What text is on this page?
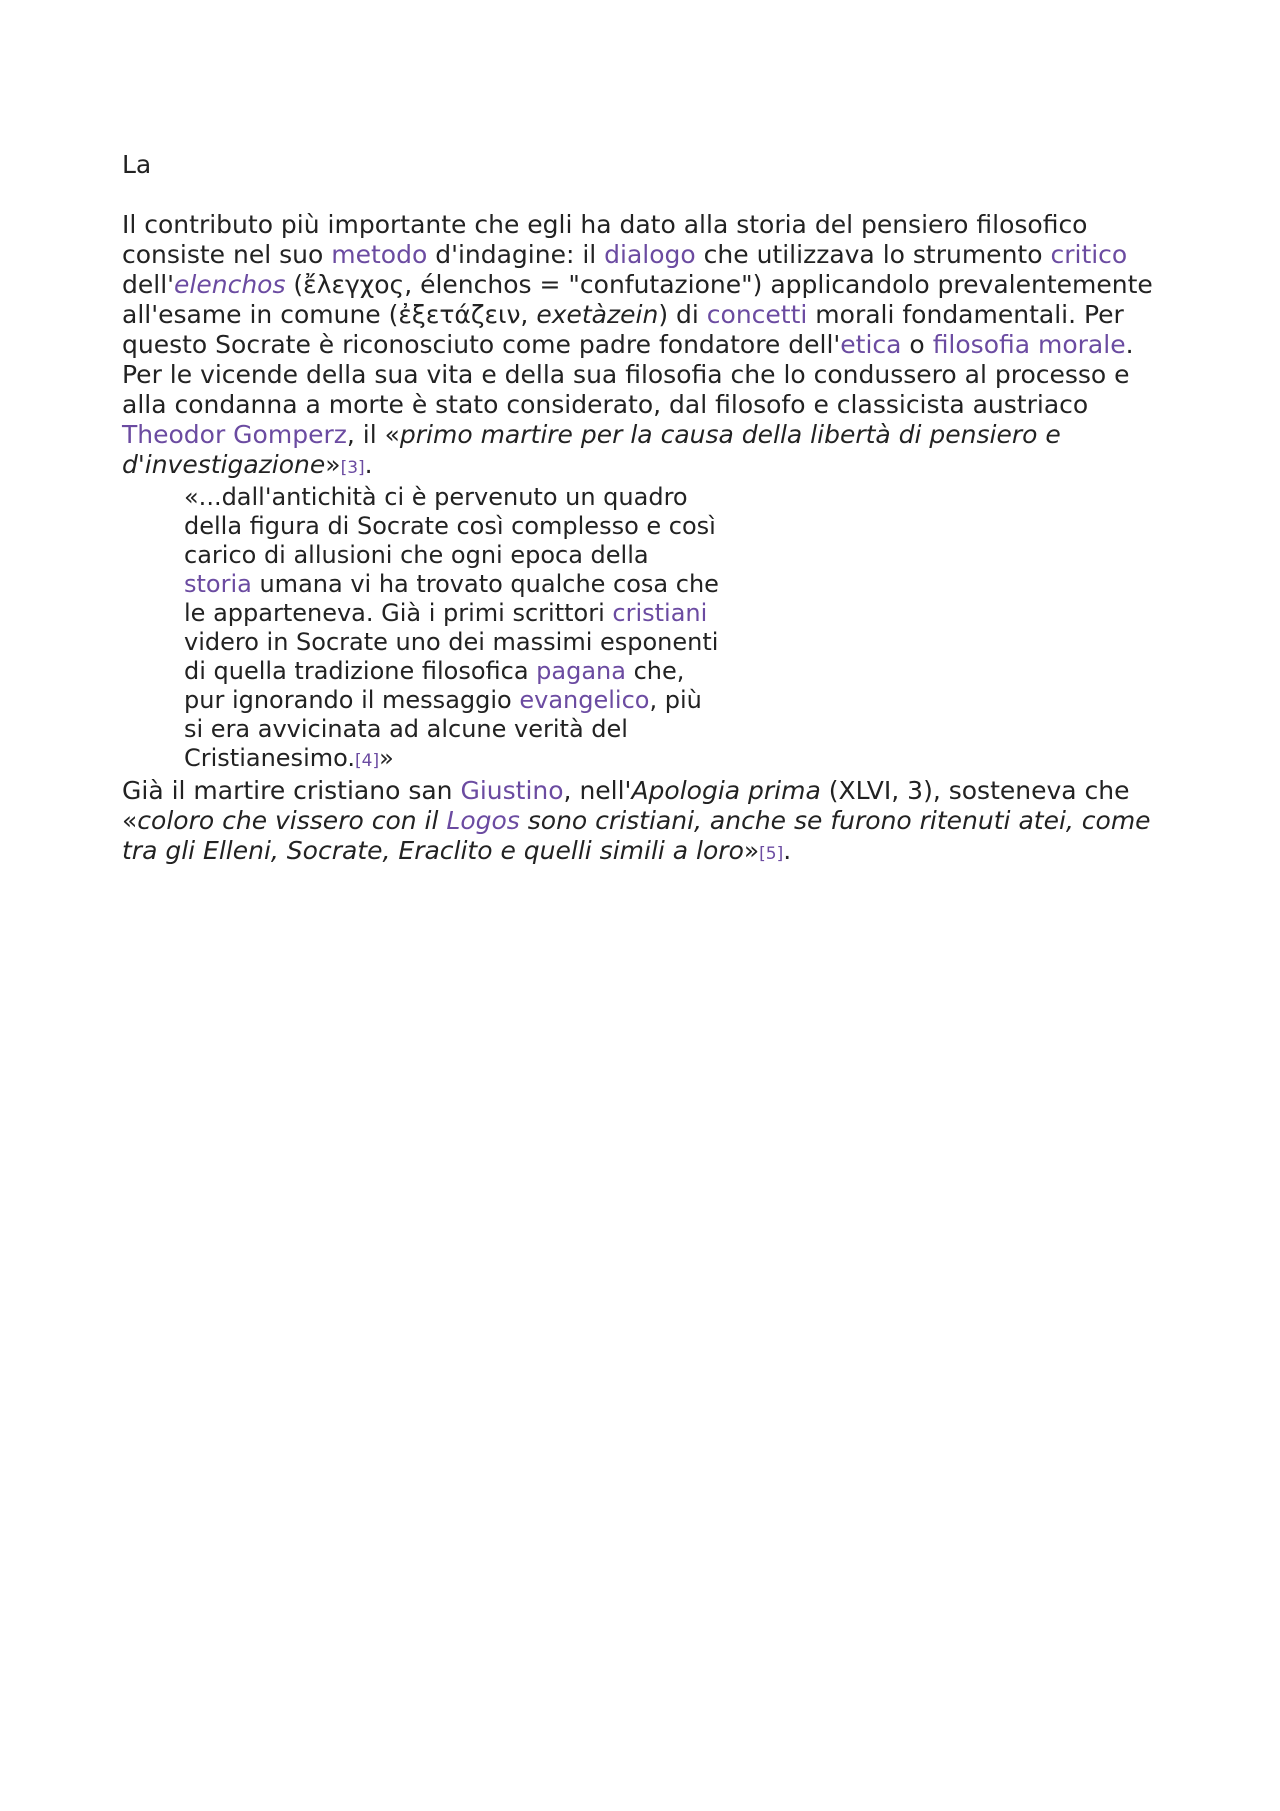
La

Il contributo più importante che egli ha dato alla storia del pensiero filosofico consiste nel suo metodo d'indagine: il dialogo che utilizzava lo strumento critico dell'elenchos (ἔλεγχος, élenchos = "confutazione") applicandolo prevalentemente all'esame in comune (ἐξετάζειν, exetàzein) di concetti morali fondamentali. Per questo Socrate è riconosciuto come padre fondatore dell'etica o filosofia morale.

Per le vicende della sua vita e della sua filosofia che lo condussero al processo e alla condanna a morte è stato considerato, dal filosofo e classicista austriaco Theodor Gomperz, il «primo martire per la causa della libertà di pensiero e d'investigazione»[3].

«...dall'antichità ci è pervenuto un quadro della figura di Socrate così complesso e così carico di allusioni che ogni epoca della storia umana vi ha trovato qualche cosa che le apparteneva. Già i primi scrittori cristiani videro in Socrate uno dei massimi esponenti di quella tradizione filosofica pagana che, pur ignorando il messaggio evangelico, più si era avvicinata ad alcune verità del Cristianesimo.[4]»

Già il martire cristiano san Giustino, nell'Apologia prima (XLVI, 3), sosteneva che «coloro che vissero con il Logos sono cristiani, anche se furono ritenuti atei, come tra gli Elleni, Socrate, Eraclito e quelli simili a loro»[5].
